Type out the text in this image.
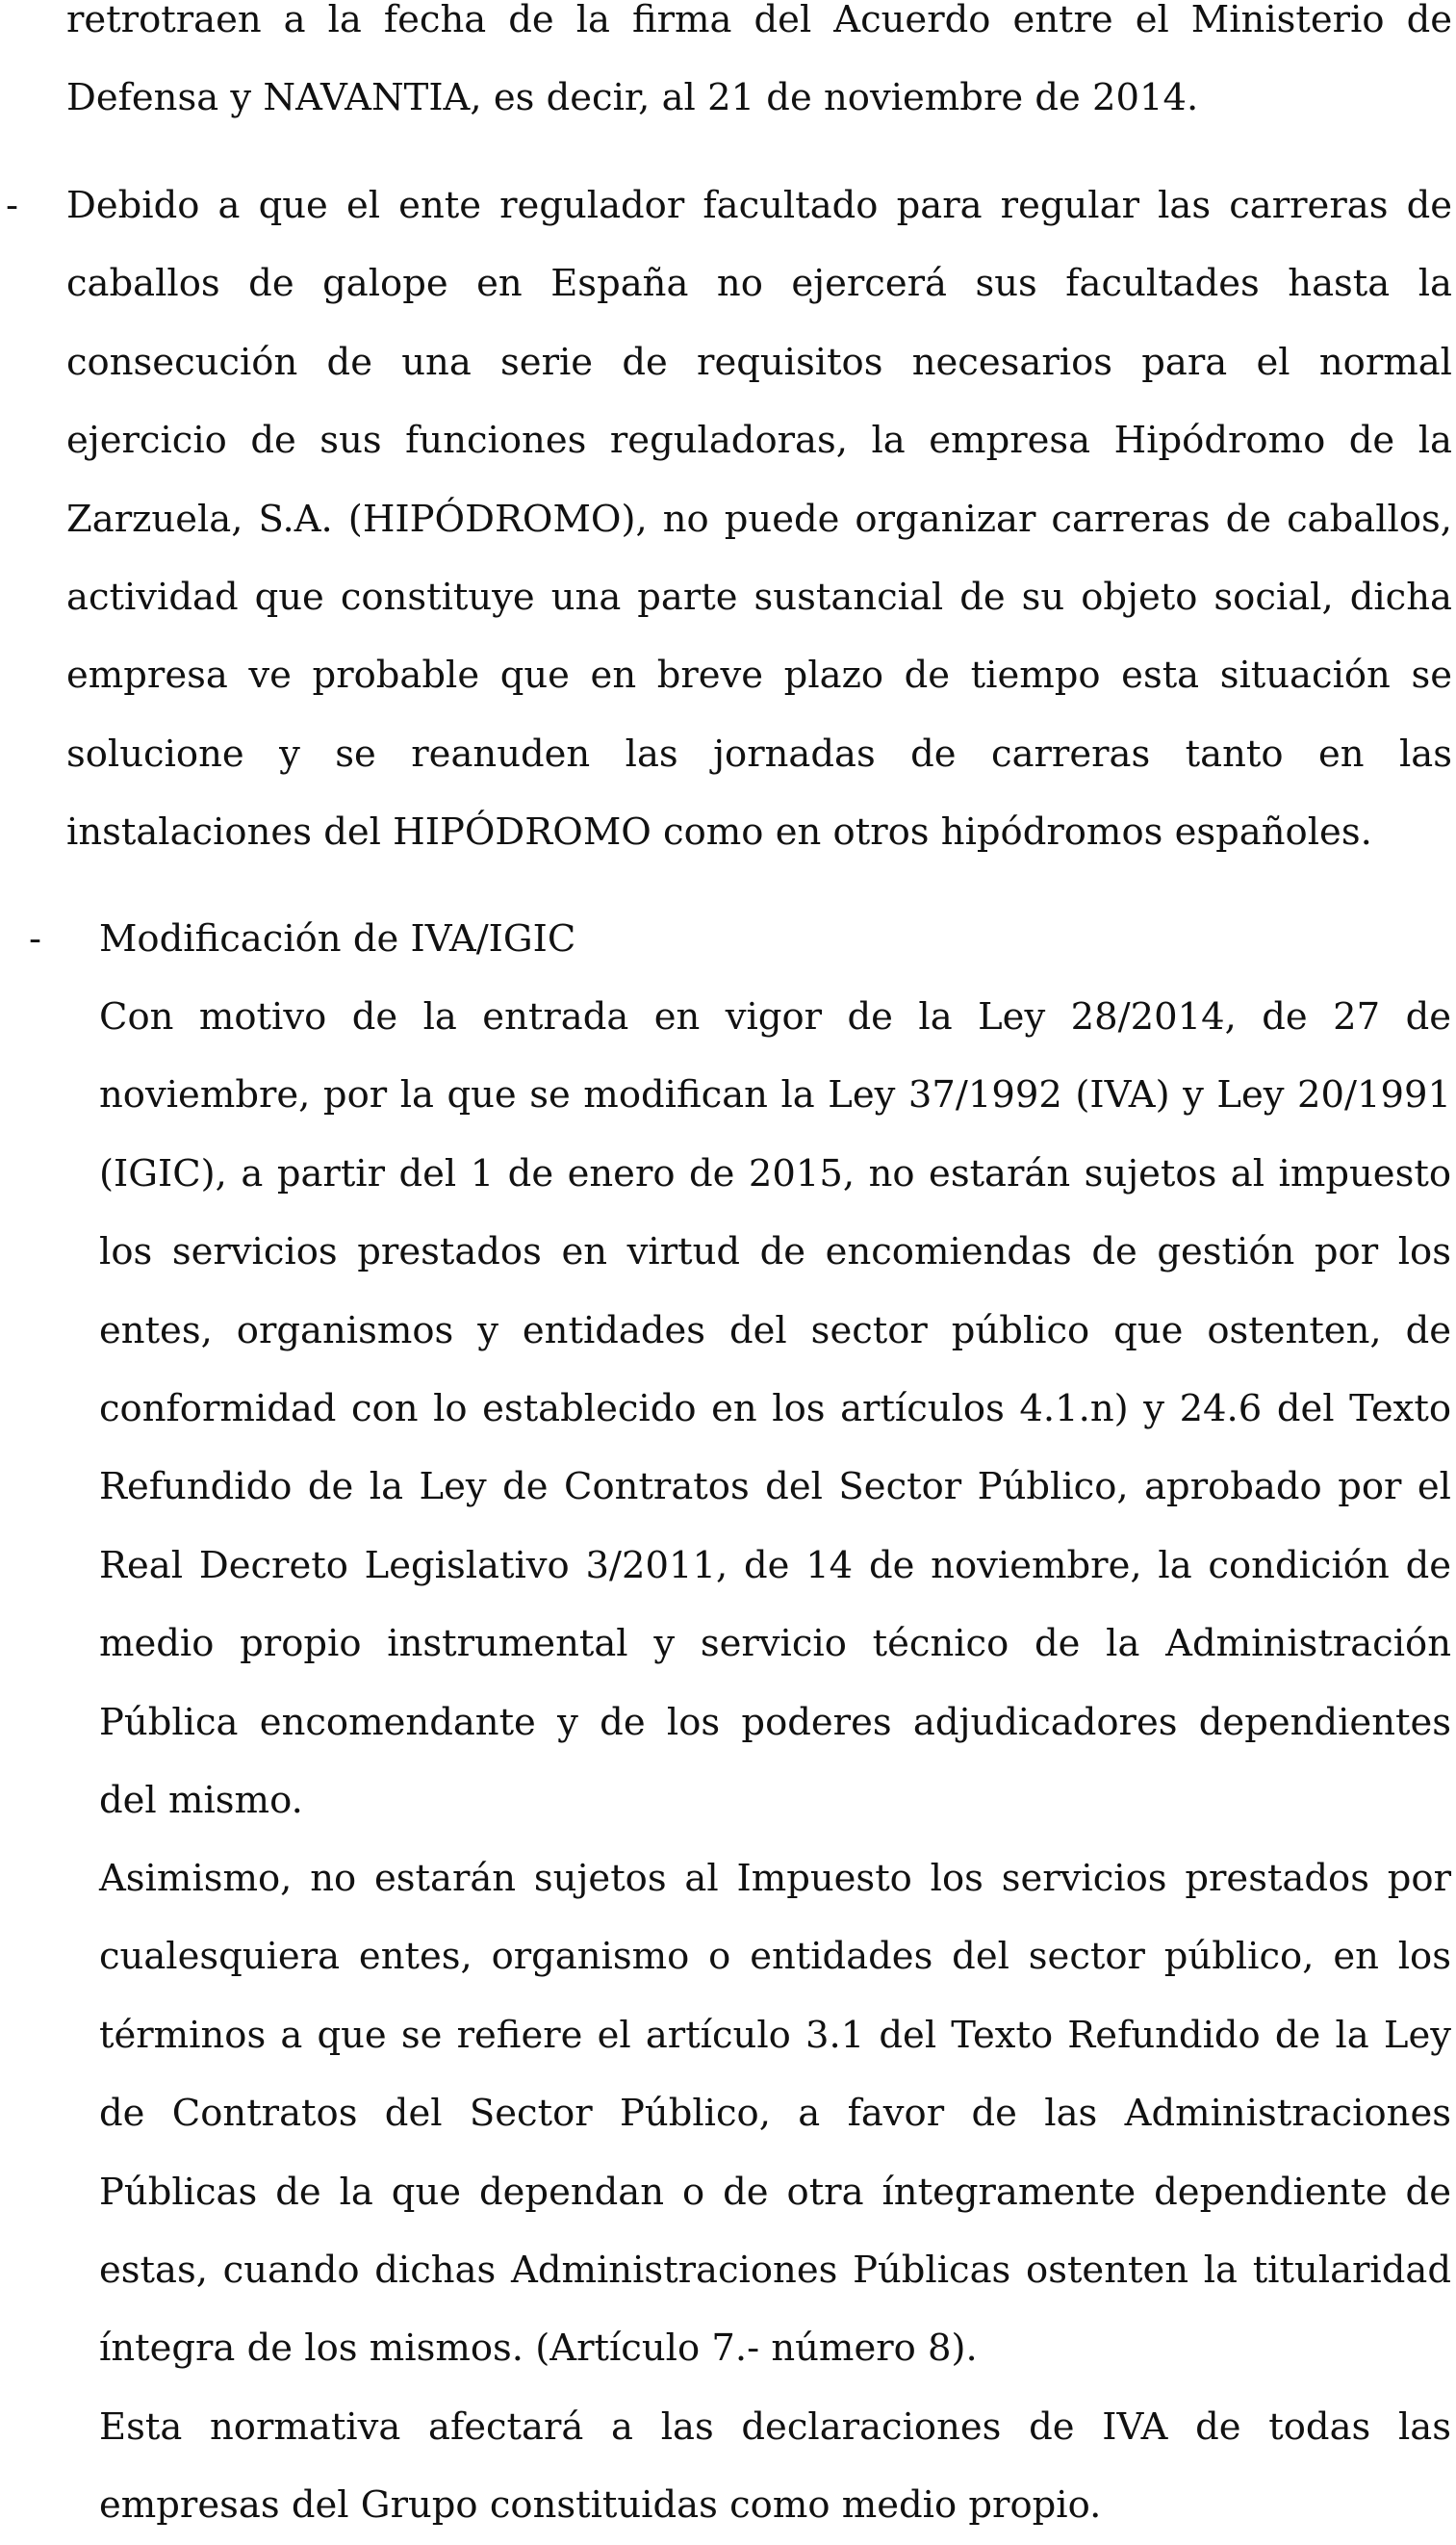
retrotraen a la fecha de la firma del Acuerdo entre el Ministerio de Defensa y NAVANTIA, es decir, al 21 de noviembre de 2014.

- Debido a que el ente regulador facultado para regular las carreras de caballos de galope en España no ejercerá sus facultades hasta la consecución de una serie de requisitos necesarios para el normal ejercicio de sus funciones reguladoras, la empresa Hipódromo de la Zarzuela, S.A. (HIPÓDROMO), no puede organizar carreras de caballos, actividad que constituye una parte sustancial de su objeto social, dicha empresa ve probable que en breve plazo de tiempo esta situación se solucione y se reanuden las jornadas de carreras tanto en las instalaciones del HIPÓDROMO como en otros hipódromos españoles.

- Modificación de IVA/IGIC

Con motivo de la entrada en vigor de la Ley 28/2014, de 27 de noviembre, por la que se modifican la Ley 37/1992 (IVA) y Ley 20/1991 (IGIC), a partir del 1 de enero de 2015, no estarán sujetos al impuesto los servicios prestados en virtud de encomiendas de gestión por los entes, organismos y entidades del sector público que ostenten, de conformidad con lo establecido en los artículos 4.1.n) y 24.6 del Texto Refundido de la Ley de Contratos del Sector Público, aprobado por el Real Decreto Legislativo 3/2011, de 14 de noviembre, la condición de medio propio instrumental y servicio técnico de la Administración Pública encomendante y de los poderes adjudicadores dependientes del mismo.

Asimismo, no estarán sujetos al Impuesto los servicios prestados por cualesquiera entes, organismo o entidades del sector público, en los términos a que se refiere el artículo 3.1 del Texto Refundido de la Ley de Contratos del Sector Público, a favor de las Administraciones Públicas de la que dependan o de otra íntegramente dependiente de estas, cuando dichas Administraciones Públicas ostenten la titularidad íntegra de los mismos. (Artículo 7.- número 8).

Esta normativa afectará a las declaraciones de IVA de todas las empresas del Grupo constituidas como medio propio.
